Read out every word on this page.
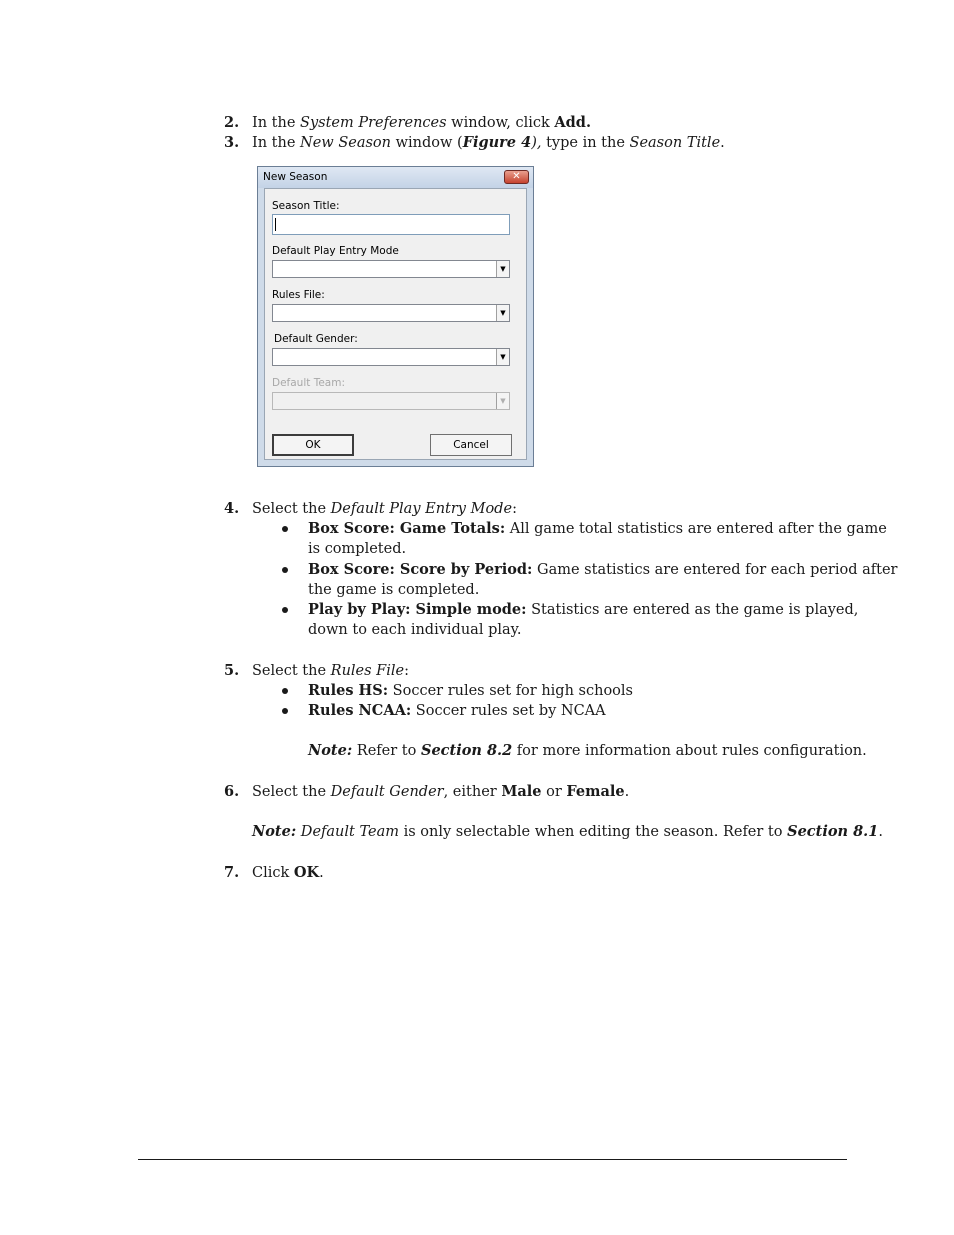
2. In the System Preferences window, click Add.
3. In the New Season window (Figure 4), type in the Season Title.
New Season	✕
Season Title:
Default Play Entry Mode
▼
Rules File:
▼
Default Gender:
▼
Default Team:
▼
OK	Cancel
4. Select the Default Play Entry Mode:
Box Score: Game Totals: All game total statistics are entered after the game
is completed.
Box Score: Score by Period: Game statistics are entered for each period after
the game is completed.
Play by Play: Simple mode: Statistics are entered as the game is played,
down to each individual play.
5. Select the Rules File:
Rules HS: Soccer rules set for high schools
Rules NCAA: Soccer rules set by NCAA
Note: Refer to Section 8.2 for more information about rules configuration.
6. Select the Default Gender, either Male or Female.
Note: Default Team is only selectable when editing the season. Refer to Section 8.1.
7. Click OK.
